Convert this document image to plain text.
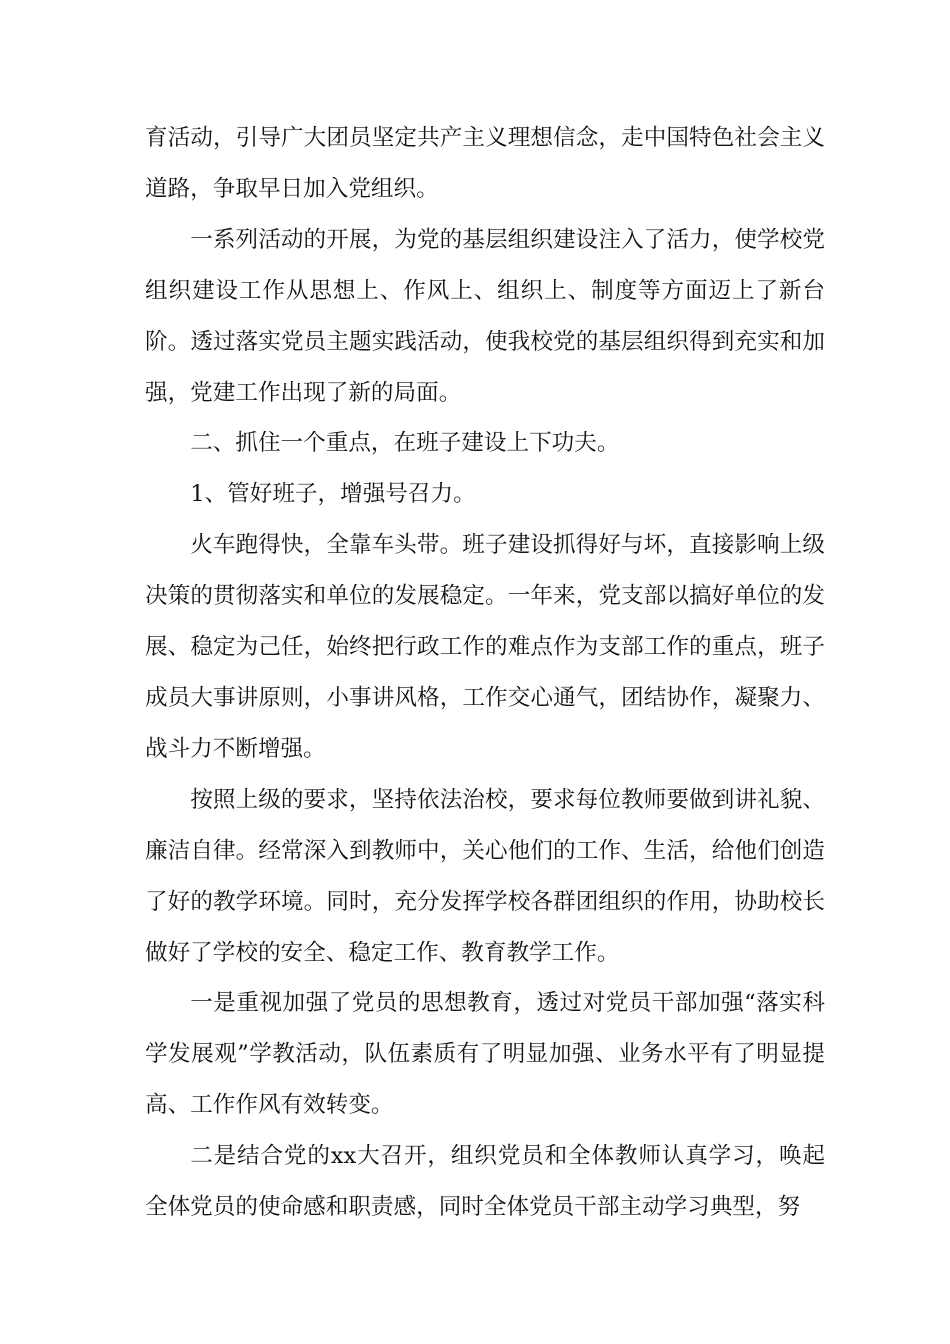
育活动，引导广大团员坚定共产主义理想信念，走中国特色社会主义道路，争取早日加入党组织。

一系列活动的开展，为党的基层组织建设注入了活力，使学校党组织建设工作从思想上、作风上、组织上、制度等方面迈上了新台阶。透过落实党员主题实践活动，使我校党的基层组织得到充实和加强，党建工作出现了新的局面。

二、抓住一个重点，在班子建设上下功夫。

1、管好班子，增强号召力。

火车跑得快，全靠车头带。班子建设抓得好与坏，直接影响上级决策的贯彻落实和单位的发展稳定。一年来，党支部以搞好单位的发展、稳定为己任，始终把行政工作的难点作为支部工作的重点，班子成员大事讲原则，小事讲风格，工作交心通气，团结协作，凝聚力、战斗力不断增强。

按照上级的要求，坚持依法治校，要求每位教师要做到讲礼貌、廉洁自律。经常深入到教师中，关心他们的工作、生活，给他们创造了好的教学环境。同时，充分发挥学校各群团组织的作用，协助校长做好了学校的安全、稳定工作、教育教学工作。

一是重视加强了党员的思想教育，透过对党员干部加强“落实科学发展观”学教活动，队伍素质有了明显加强、业务水平有了明显提高、工作作风有效转变。

二是结合党的xx大召开，组织党员和全体教师认真学习，唤起全体党员的使命感和职责感，同时全体党员干部主动学习典型，努
